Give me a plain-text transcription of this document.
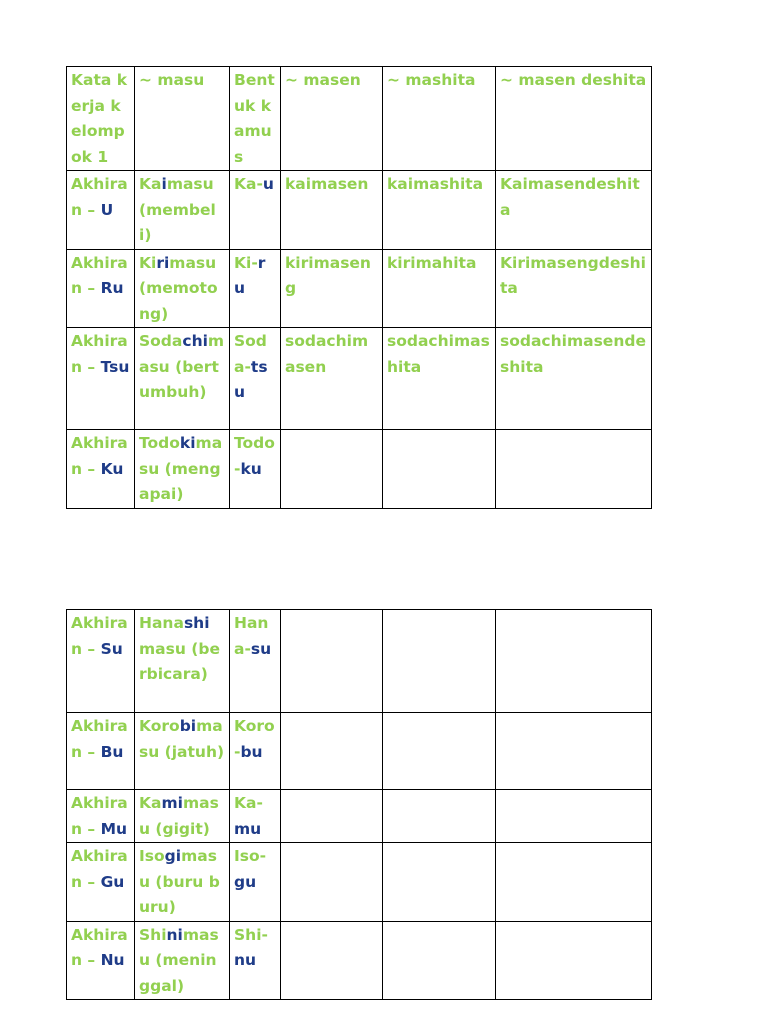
Kata kerja kelompok 1	~ masu	Bentuk kamus	~ masen	~ mashita	~ masen deshita
Akhiran – U	Kaimasu (membeli)	Ka-u	kaimasen	kaimashita	Kaimasendeshita
Akhiran – Ru	Kirimasu (memotong)	Ki-ru	kirimaseng	kirimahita	Kirimasengdeshita
Akhiran – Tsu	Sodachimasu (bertumbuh)	Soda-tsu	sodachimasen	sodachimashita	sodachimasendeshita
Akhiran – Ku	Todokimasu (mengapai)	Todo-ku			
Akhiran – Su	Hanashimasu (berbicara)	Hana-su			
Akhiran – Bu	Korobimasu (jatuh)	Koro-bu			
Akhiran – Mu	Kamimasu (gigit)	Ka-mu			
Akhiran – Gu	Isogimasu (buru buru)	Iso-gu			
Akhiran – Nu	Shinimasu (meninggal)	Shi-nu			
